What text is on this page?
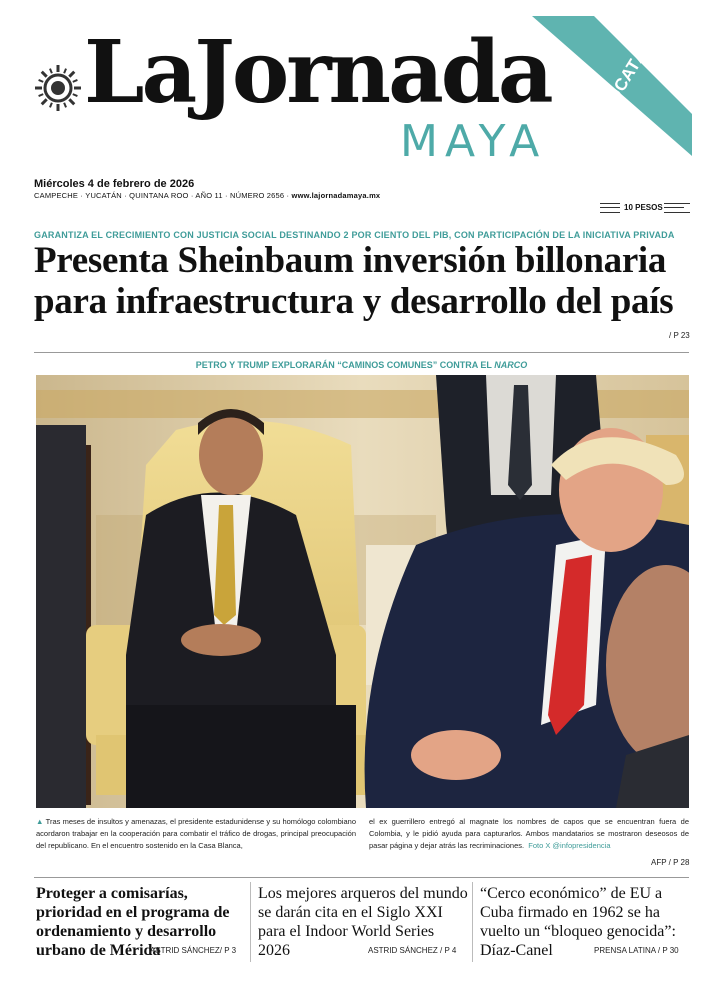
LaJornada
MAYA
YUCATÁN
Miércoles 4 de febrero de 2026
CAMPECHE · YUCATÁN · QUINTANA ROO · AÑO 11 · NÚMERO 2656 · www.lajornadamaya.mx
10 PESOS
GARANTIZA EL CRECIMIENTO CON JUSTICIA SOCIAL DESTINANDO 2 POR CIENTO DEL PIB, CON PARTICIPACIÓN DE LA INICIATIVA PRIVADA
Presenta Sheinbaum inversión billonaria
para infraestructura y desarrollo del país
/ P 23
PETRO Y TRUMP EXPLORARÁN “CAMINOS COMUNES” CONTRA EL NARCO
▲ Tras meses de insultos y amenazas, el presidente estadunidense y su homólogo colombiano acordaron trabajar en la cooperación para combatir el tráfico de drogas, principal preocupación del republicano. En el encuentro sostenido en la Casa Blanca,
el ex guerrillero entregó al magnate los nombres de capos que se encuentran fuera de Colombia, y le pidió ayuda para capturarlos. Ambos mandatarios se mostraron deseosos de pasar página y dejar atrás las recriminaciones. Foto X @infopresidencia
AFP / P 28
Proteger a comisarías, prioridad en el programa de ordenamiento y desarrollo urbano de Mérida
ASTRID SÁNCHEZ/ P 3
Los mejores arqueros del mundo se darán cita en el Siglo XXI para el Indoor World Series 2026	ASTRID SÁNCHEZ / P 4
“Cerco económico” de EU a Cuba firmado en 1962 se ha vuelto un “bloqueo genocida”: Díaz-Canel	PRENSA LATINA / P 30
